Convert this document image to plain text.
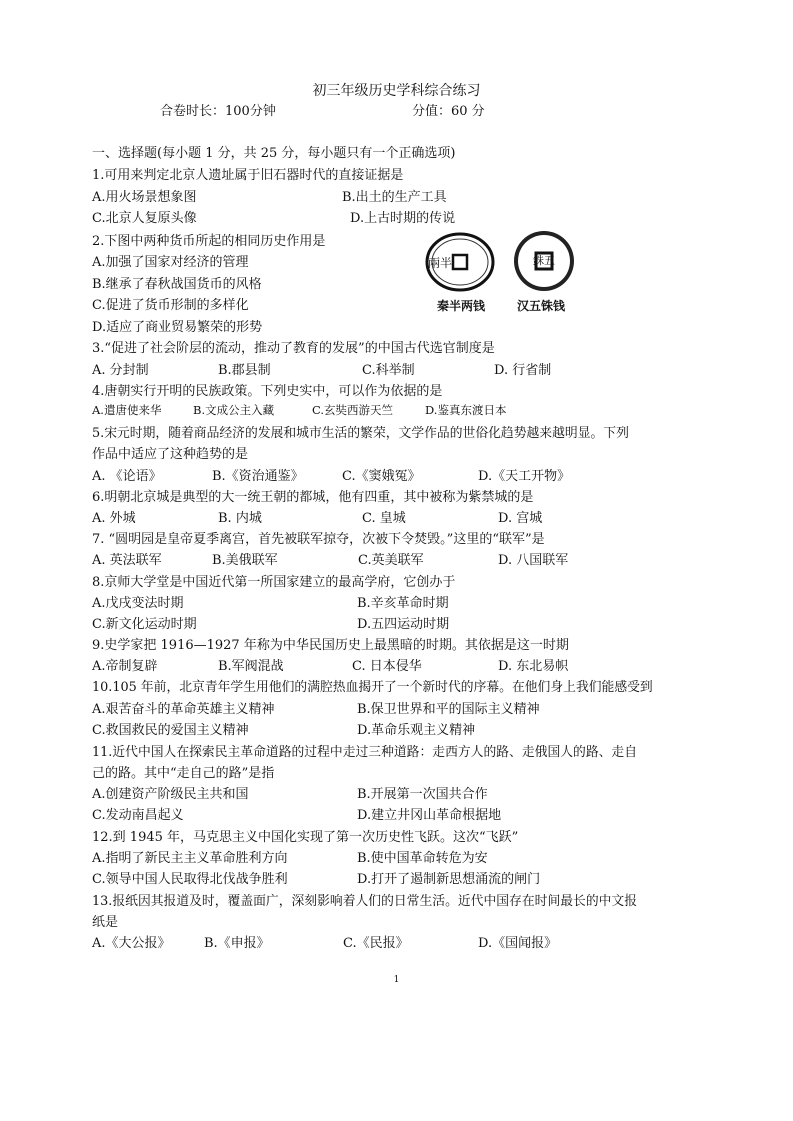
初三年级历史学科综合练习
合卷时长：100分钟	分值：60 分
一、选择题(每小题 1 分，共 25 分，每小题只有一个正确选项)
1.可用来判定北京人遗址属于旧石器时代的直接证据是
A.用火场景想象图	B.出土的生产工具
C.北京人复原头像	D.上古时期的传说
2.下图中两种货币所起的相同历史作用是
A.加强了国家对经济的管理
B.继承了春秋战国货币的风格
C.促进了货币形制的多样化
D.适应了商业贸易繁荣的形势
兩半	銖五
秦半两钱	汉五铢钱
3.“促进了社会阶层的流动，推动了教育的发展”的中国古代选官制度是
A. 分封制	B.郡县制	C.科举制	D. 行省制
4.唐朝实行开明的民族政策。下列史实中，可以作为依据的是
A.遣唐使来华	B.文成公主入藏	C.玄奘西游天竺	D.鉴真东渡日本
5.宋元时期，随着商品经济的发展和城市生活的繁荣，文学作品的世俗化趋势越来越明显。下列
作品中适应了这种趋势的是
A. 《论语》	B.《资治通鉴》	C.《窦娥冤》	D.《天工开物》
6.明朝北京城是典型的大一统王朝的都城，他有四重，其中被称为紫禁城的是
A. 外城	B. 内城	C. 皇城	D. 宫城
7. “圆明园是皇帝夏季离宫，首先被联军掠夺，次被下令焚毁。”这里的“联军”是
A. 英法联军	B.美俄联军	C.英美联军	D. 八国联军
8.京师大学堂是中国近代第一所国家建立的最高学府，它创办于
A.戊戌变法时期	B.辛亥革命时期
C.新文化运动时期	D.五四运动时期
9.史学家把 1916—1927 年称为中华民国历史上最黑暗的时期。其依据是这一时期
A.帝制复辟	B.军阀混战	C. 日本侵华	D. 东北易帜
10.105 年前，北京青年学生用他们的满腔热血揭开了一个新时代的序幕。在他们身上我们能感受到
A.艰苦奋斗的革命英雄主义精神	B.保卫世界和平的国际主义精神
C.救国救民的爱国主义精神	D.革命乐观主义精神
11.近代中国人在探索民主革命道路的过程中走过三种道路：走西方人的路、走俄国人的路、走自
己的路。其中“走自己的路”是指
A.创建资产阶级民主共和国	B.开展第一次国共合作
C.发动南昌起义	D.建立井冈山革命根据地
12.到 1945 年，马克思主义中国化实现了第一次历史性飞跃。这次“飞跃”
A.指明了新民主主义革命胜利方向	B.使中国革命转危为安
C.领导中国人民取得北伐战争胜利	D.打开了遏制新思想涌流的闸门
13.报纸因其报道及时，覆盖面广，深刻影响着人们的日常生活。近代中国存在时间最长的中文报
纸是
A.《大公报》	B.《申报》	C.《民报》	D.《国闻报》
1
